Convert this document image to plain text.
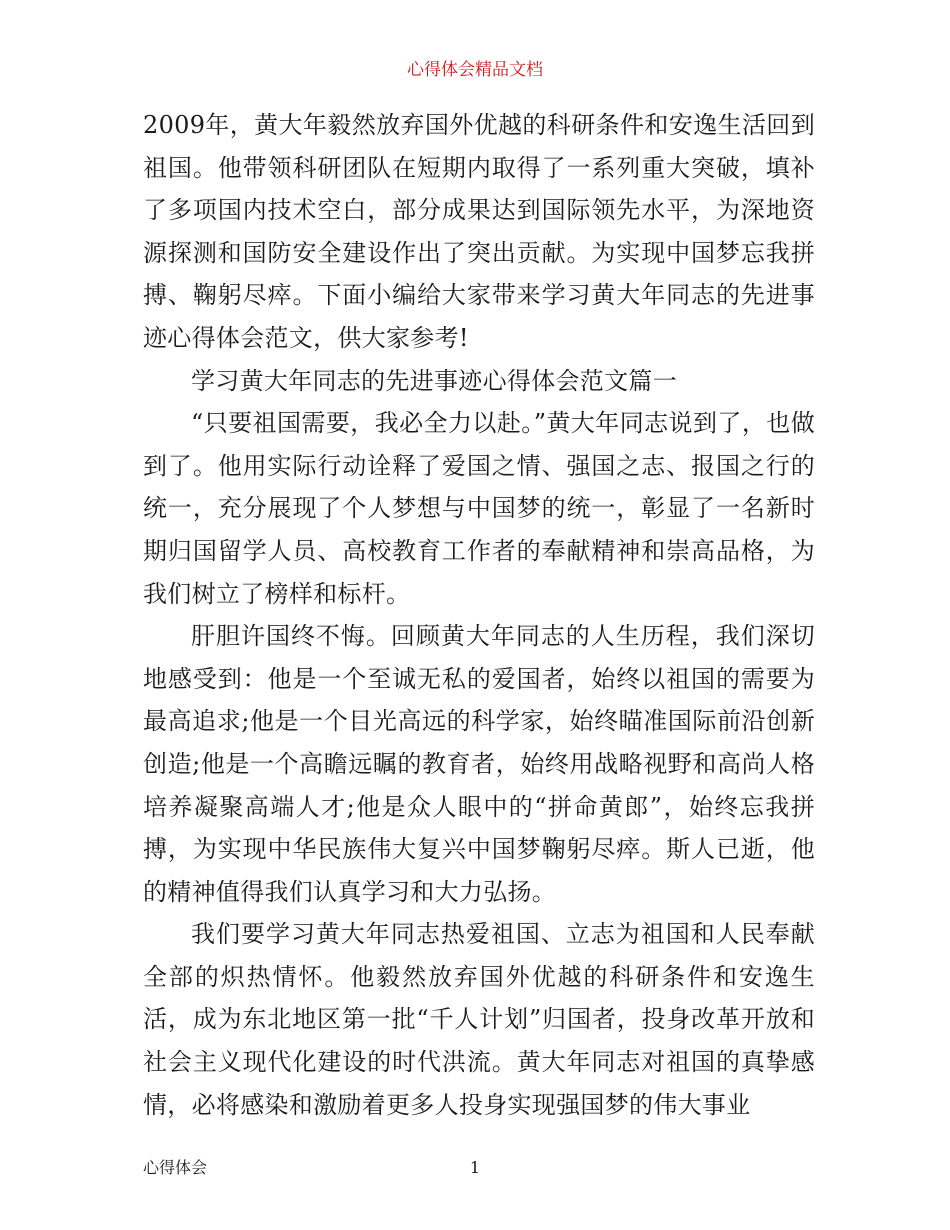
心得体会精品文档

2009年，黄大年毅然放弃国外优越的科研条件和安逸生活回到祖国。他带领科研团队在短期内取得了一系列重大突破，填补了多项国内技术空白，部分成果达到国际领先水平，为深地资源探测和国防安全建设作出了突出贡献。为实现中国梦忘我拼搏、鞠躬尽瘁。下面小编给大家带来学习黄大年同志的先进事迹心得体会范文，供大家参考!

学习黄大年同志的先进事迹心得体会范文篇一

“只要祖国需要，我必全力以赴。”黄大年同志说到了，也做到了。他用实际行动诠释了爱国之情、强国之志、报国之行的统一，充分展现了个人梦想与中国梦的统一，彰显了一名新时期归国留学人员、高校教育工作者的奉献精神和崇高品格，为我们树立了榜样和标杆。

肝胆许国终不悔。回顾黄大年同志的人生历程，我们深切地感受到：他是一个至诚无私的爱国者，始终以祖国的需要为最高追求;他是一个目光高远的科学家，始终瞄准国际前沿创新创造;他是一个高瞻远瞩的教育者，始终用战略视野和高尚人格培养凝聚高端人才;他是众人眼中的“拼命黄郎”，始终忘我拼搏，为实现中华民族伟大复兴中国梦鞠躬尽瘁。斯人已逝，他的精神值得我们认真学习和大力弘扬。

我们要学习黄大年同志热爱祖国、立志为祖国和人民奉献全部的炽热情怀。他毅然放弃国外优越的科研条件和安逸生活，成为东北地区第一批“千人计划”归国者，投身改革开放和社会主义现代化建设的时代洪流。黄大年同志对祖国的真挚感情，必将感染和激励着更多人投身实现强国梦的伟大事业

心得体会	1
